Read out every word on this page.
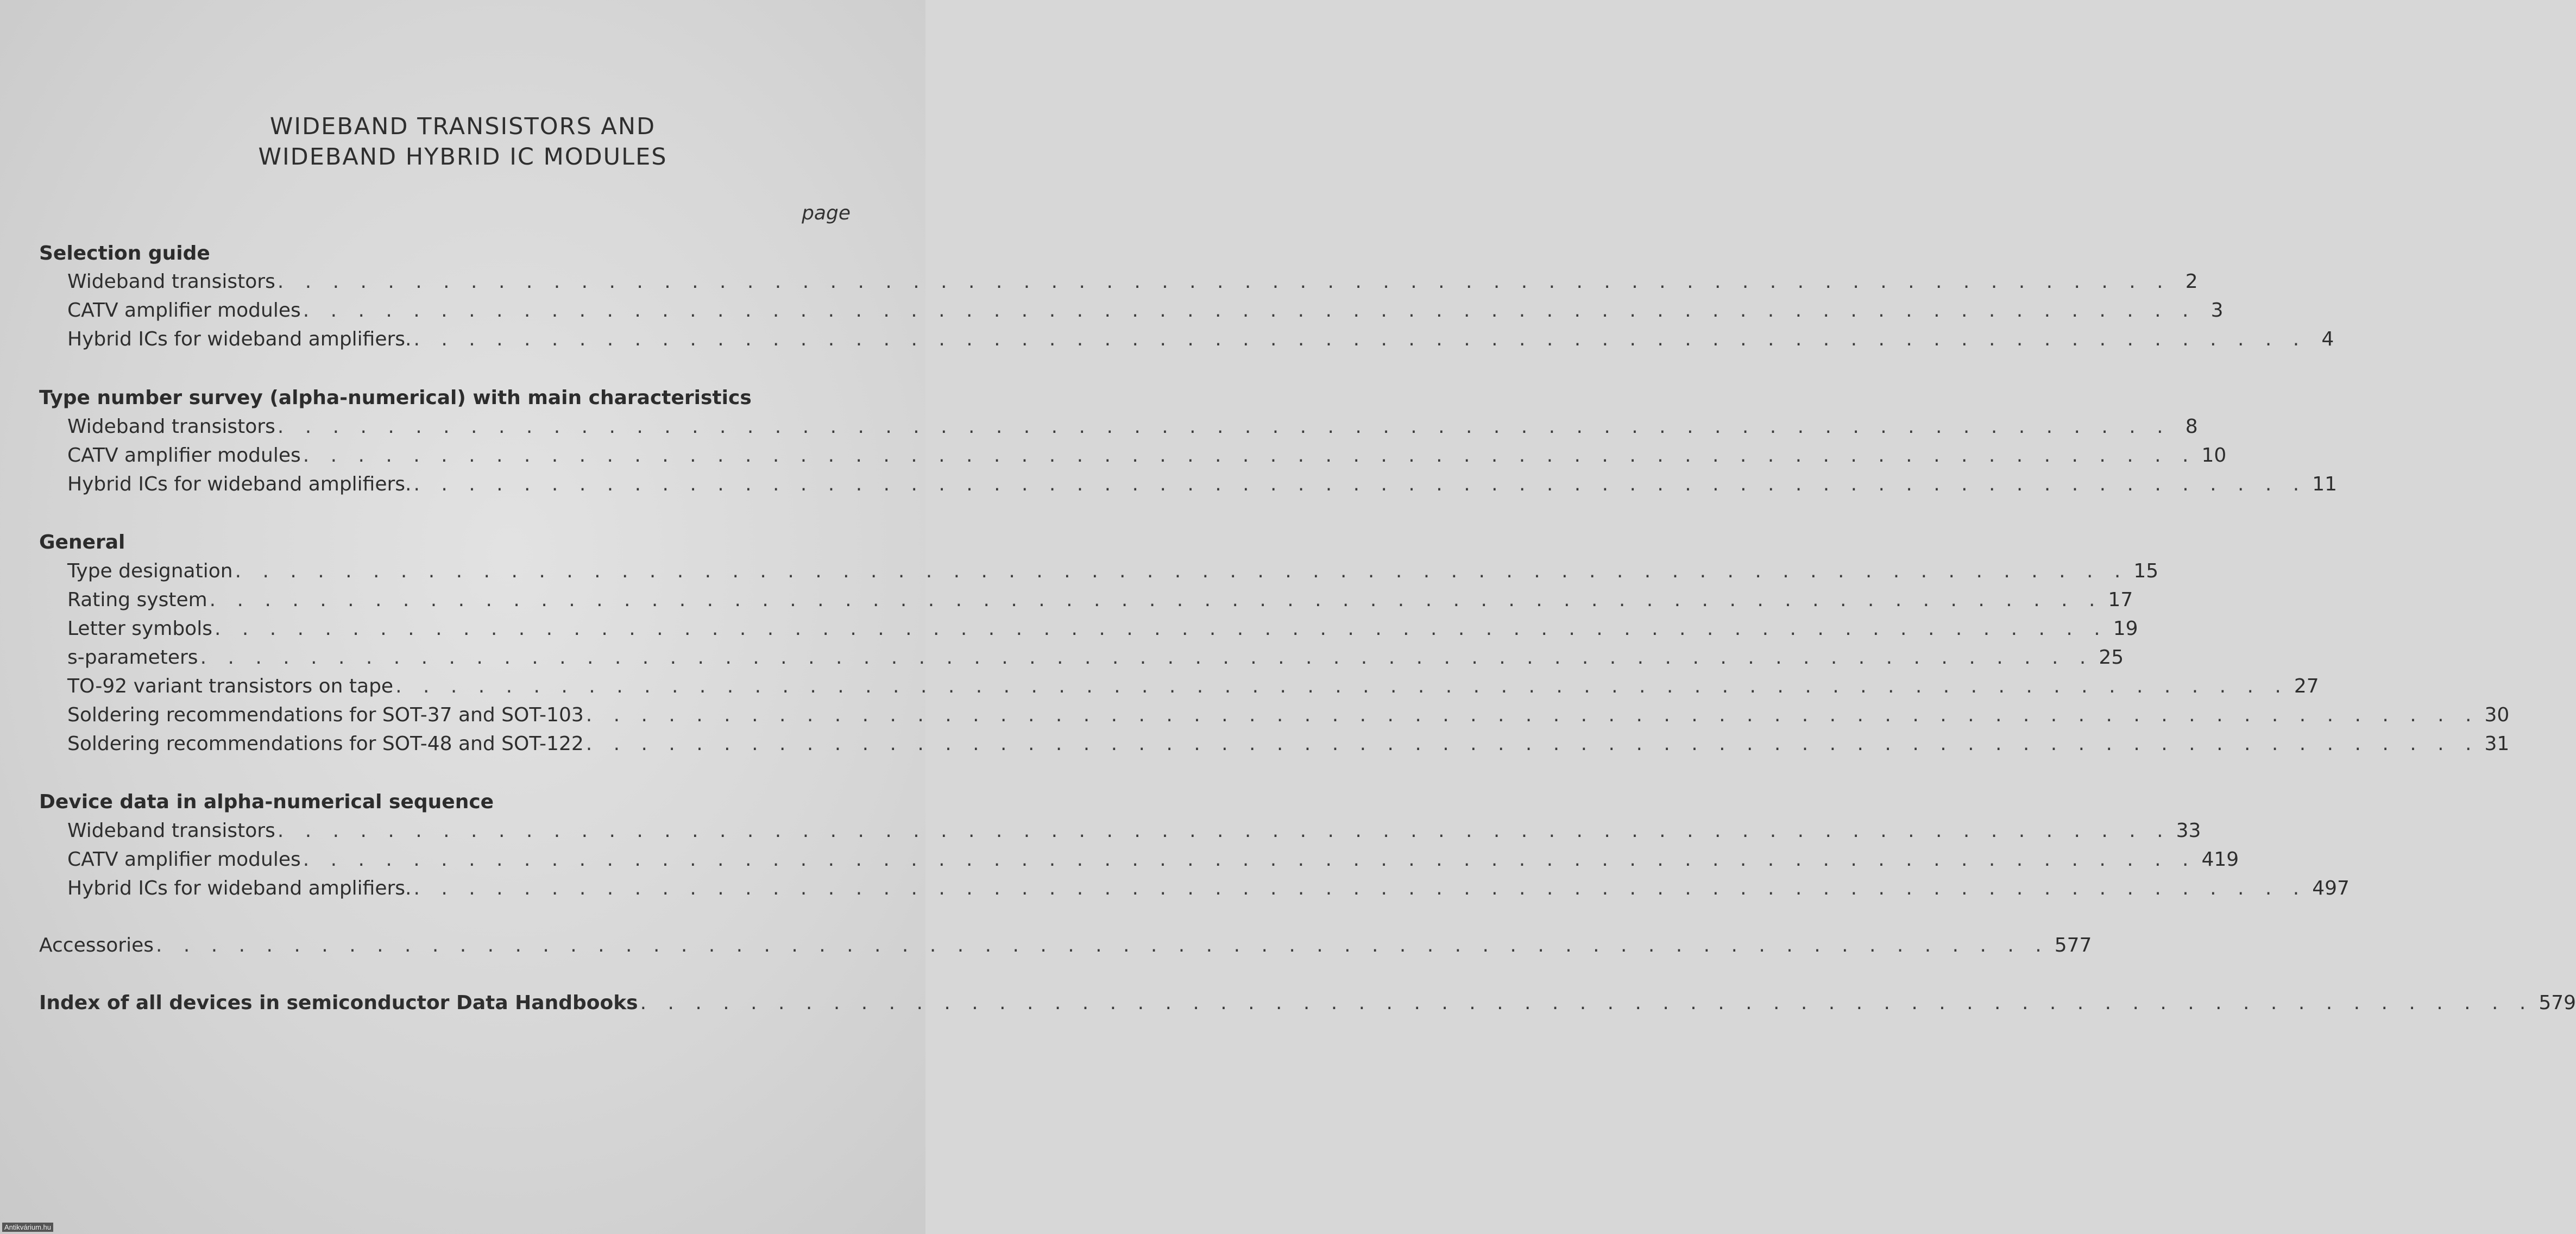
WIDEBAND TRANSISTORS AND
WIDEBAND HYBRID IC MODULES
page
Selection guide
Wideband transistors . . . . . . . . . . . . . . . . . . . . . . . . . . . . . . . . . . . . . . . . . . . . . . . . . . . . . . . . . . . . . . . . . . . . . 2
CATV amplifier modules . . . . . . . . . . . . . . . . . . . . . . . . . . . . . . . . . . . . . . . . . . . . . . . . . . . . . . . . . . . . . . . . . . . . . 3
Hybrid ICs for wideband amplifiers. . . . . . . . . . . . . . . . . . . . . . . . . . . . . . . . . . . . . . . . . . . . . . . . . . . . . . . . . . . . . . . . . . . . . . 4
Type number survey (alpha-numerical) with main characteristics
Wideband transistors . . . . . . . . . . . . . . . . . . . . . . . . . . . . . . . . . . . . . . . . . . . . . . . . . . . . . . . . . . . . . . . . . . . . . 8
CATV amplifier modules . . . . . . . . . . . . . . . . . . . . . . . . . . . . . . . . . . . . . . . . . . . . . . . . . . . . . . . . . . . . . . . . . . . . . 10
Hybrid ICs for wideband amplifiers. . . . . . . . . . . . . . . . . . . . . . . . . . . . . . . . . . . . . . . . . . . . . . . . . . . . . . . . . . . . . . . . . . . . . . 11
General
Type designation . . . . . . . . . . . . . . . . . . . . . . . . . . . . . . . . . . . . . . . . . . . . . . . . . . . . . . . . . . . . . . . . . . . . . 15
Rating system . . . . . . . . . . . . . . . . . . . . . . . . . . . . . . . . . . . . . . . . . . . . . . . . . . . . . . . . . . . . . . . . . . . . . 17
Letter symbols . . . . . . . . . . . . . . . . . . . . . . . . . . . . . . . . . . . . . . . . . . . . . . . . . . . . . . . . . . . . . . . . . . . . . 19
s-parameters . . . . . . . . . . . . . . . . . . . . . . . . . . . . . . . . . . . . . . . . . . . . . . . . . . . . . . . . . . . . . . . . . . . . . 25
TO-92 variant transistors on tape . . . . . . . . . . . . . . . . . . . . . . . . . . . . . . . . . . . . . . . . . . . . . . . . . . . . . . . . . . . . . . . . . . . . . 27
Soldering recommendations for SOT-37 and SOT-103 . . . . . . . . . . . . . . . . . . . . . . . . . . . . . . . . . . . . . . . . . . . . . . . . . . . . . . . . . . . . . . . . . . . . . 30
Soldering recommendations for SOT-48 and SOT-122 . . . . . . . . . . . . . . . . . . . . . . . . . . . . . . . . . . . . . . . . . . . . . . . . . . . . . . . . . . . . . . . . . . . . . 31
Device data in alpha-numerical sequence
Wideband transistors . . . . . . . . . . . . . . . . . . . . . . . . . . . . . . . . . . . . . . . . . . . . . . . . . . . . . . . . . . . . . . . . . . . . . 33
CATV amplifier modules . . . . . . . . . . . . . . . . . . . . . . . . . . . . . . . . . . . . . . . . . . . . . . . . . . . . . . . . . . . . . . . . . . . . . 419
Hybrid ICs for wideband amplifiers. . . . . . . . . . . . . . . . . . . . . . . . . . . . . . . . . . . . . . . . . . . . . . . . . . . . . . . . . . . . . . . . . . . . . . 497
Accessories . . . . . . . . . . . . . . . . . . . . . . . . . . . . . . . . . . . . . . . . . . . . . . . . . . . . . . . . . . . . . . . . . . . . . 577
Index of all devices in semiconductor Data Handbooks . . . . . . . . . . . . . . . . . . . . . . . . . . . . . . . . . . . . . . . . . . . . . . . . . . . . . . . . . . . . . . . . . . . . . 579
Antikvárium.hu
